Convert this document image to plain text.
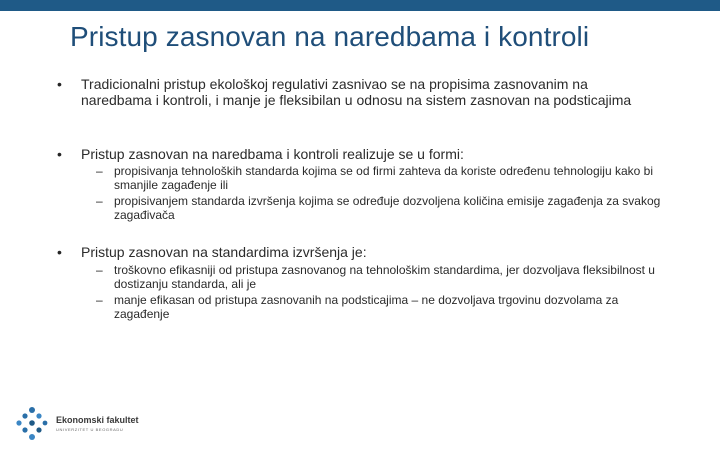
Pristup zasnovan na naredbama i kontroli
• Tradicionalni pristup ekološkoj regulativi zasnivao se na propisima zasnovanim na naredbama i kontroli, i manje je fleksibilan u odnosu na sistem zasnovan na podsticajima
• Pristup zasnovan na naredbama i kontroli realizuje se u formi:
– propisivanja tehnoloških standarda kojima se od firmi zahteva da koriste određenu tehnologiju kako bi smanjile zagađenje ili
– propisivanjem standarda izvršenja kojima se određuje dozvoljena količina emisije zagađenja za svakog zagađivača
• Pristup zasnovan na standardima izvršenja je:
– troškovno efikasniji od pristupa zasnovanog na tehnološkim standardima, jer dozvoljava fleksibilnost u dostizanju standarda, ali je
– manje efikasan od pristupa zasnovanih na podsticajima – ne dozvoljava trgovinu dozvolama za zagađenje
Ekonomski fakultet
UNIVERZITET U BEOGRADU
